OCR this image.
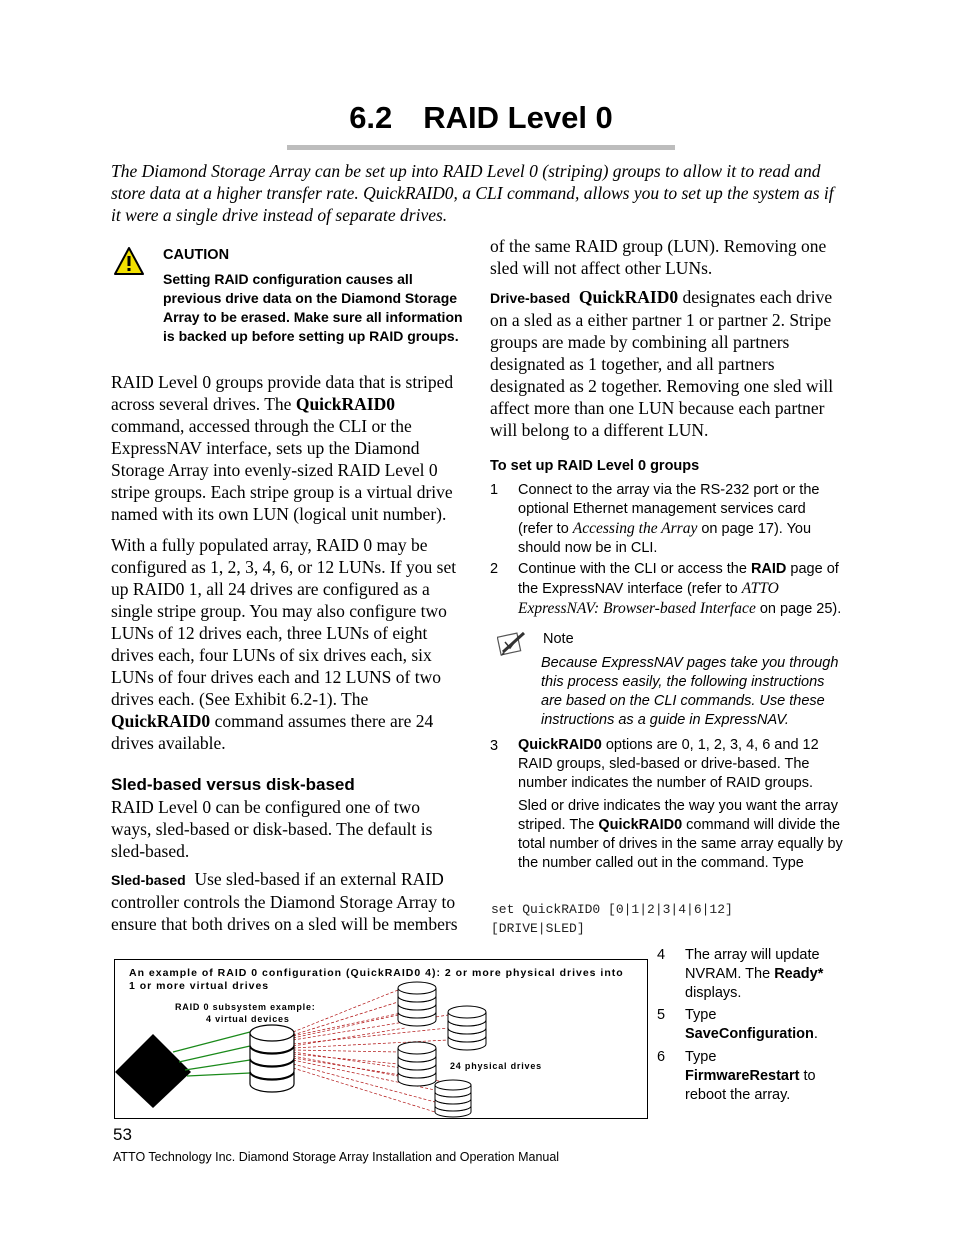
6.2 RAID Level 0
The Diamond Storage Array can be set up into RAID Level 0 (striping) groups to allow it to read and store data at a higher transfer rate. QuickRAID0, a CLI command, allows you to set up the system as if it were a single drive instead of separate drives.
CAUTION
Setting RAID configuration causes all previous drive data on the Diamond Storage Array to be erased. Make sure all information is backed up before setting up RAID groups.
RAID Level 0 groups provide data that is striped across several drives. The QuickRAID0 command, accessed through the CLI or the ExpressNAV interface, sets up the Diamond Storage Array into evenly-sized RAID Level 0 stripe groups. Each stripe group is a virtual drive named with its own LUN (logical unit number).
With a fully populated array, RAID 0 may be configured as 1, 2, 3, 4, 6, or 12 LUNs. If you set up RAID0 1, all 24 drives are configured as a single stripe group. You may also configure two LUNs of 12 drives each, three LUNs of eight drives each, four LUNs of six drives each, six LUNs of four drives each and 12 LUNS of two drives each. (See Exhibit 6.2-1). The QuickRAID0 command assumes there are 24 drives available.
Sled-based versus disk-based
RAID Level 0 can be configured one of two ways, sled-based or disk-based. The default is sled-based.
Sled-based Use sled-based if an external RAID controller controls the Diamond Storage Array to ensure that both drives on a sled will be members
of the same RAID group (LUN). Removing one sled will not affect other LUNs.
Drive-based QuickRAID0 designates each drive on a sled as a either partner 1 or partner 2. Stripe groups are made by combining all partners designated as 1 together, and all partners designated as 2 together. Removing one sled will affect more than one LUN because each partner will belong to a different LUN.
To set up RAID Level 0 groups
1 Connect to the array via the RS-232 port or the optional Ethernet management services card (refer to Accessing the Array on page 17). You should now be in CLI.
2 Continue with the CLI or access the RAID page of the ExpressNAV interface (refer to ATTO ExpressNAV: Browser-based Interface on page 25).
Note
Because ExpressNAV pages take you through this process easily, the following instructions are based on the CLI commands. Use these instructions as a guide in ExpressNAV.
3 QuickRAID0 options are 0, 1, 2, 3, 4, 6 and 12 RAID groups, sled-based or drive-based. The number indicates the number of RAID groups.
Sled or drive indicates the way you want the array striped. The QuickRAID0 command will divide the total number of drives in the same array equally by the number called out in the command. Type
set QuickRAID0 [0|1|2|3|4|6|12]
[DRIVE|SLED]
4 The array will update NVRAM. The Ready* displays.
5 Type
SaveConfiguration.
6 Type
FirmwareRestart to reboot the array.
An example of RAID 0 configuration (QuickRAID0 4): 2 or more physical drives into 1 or more virtual drives
RAID 0 subsystem example:
4 virtual devices
24 physical drives
53
ATTO Technology Inc. Diamond Storage Array Installation and Operation Manual
